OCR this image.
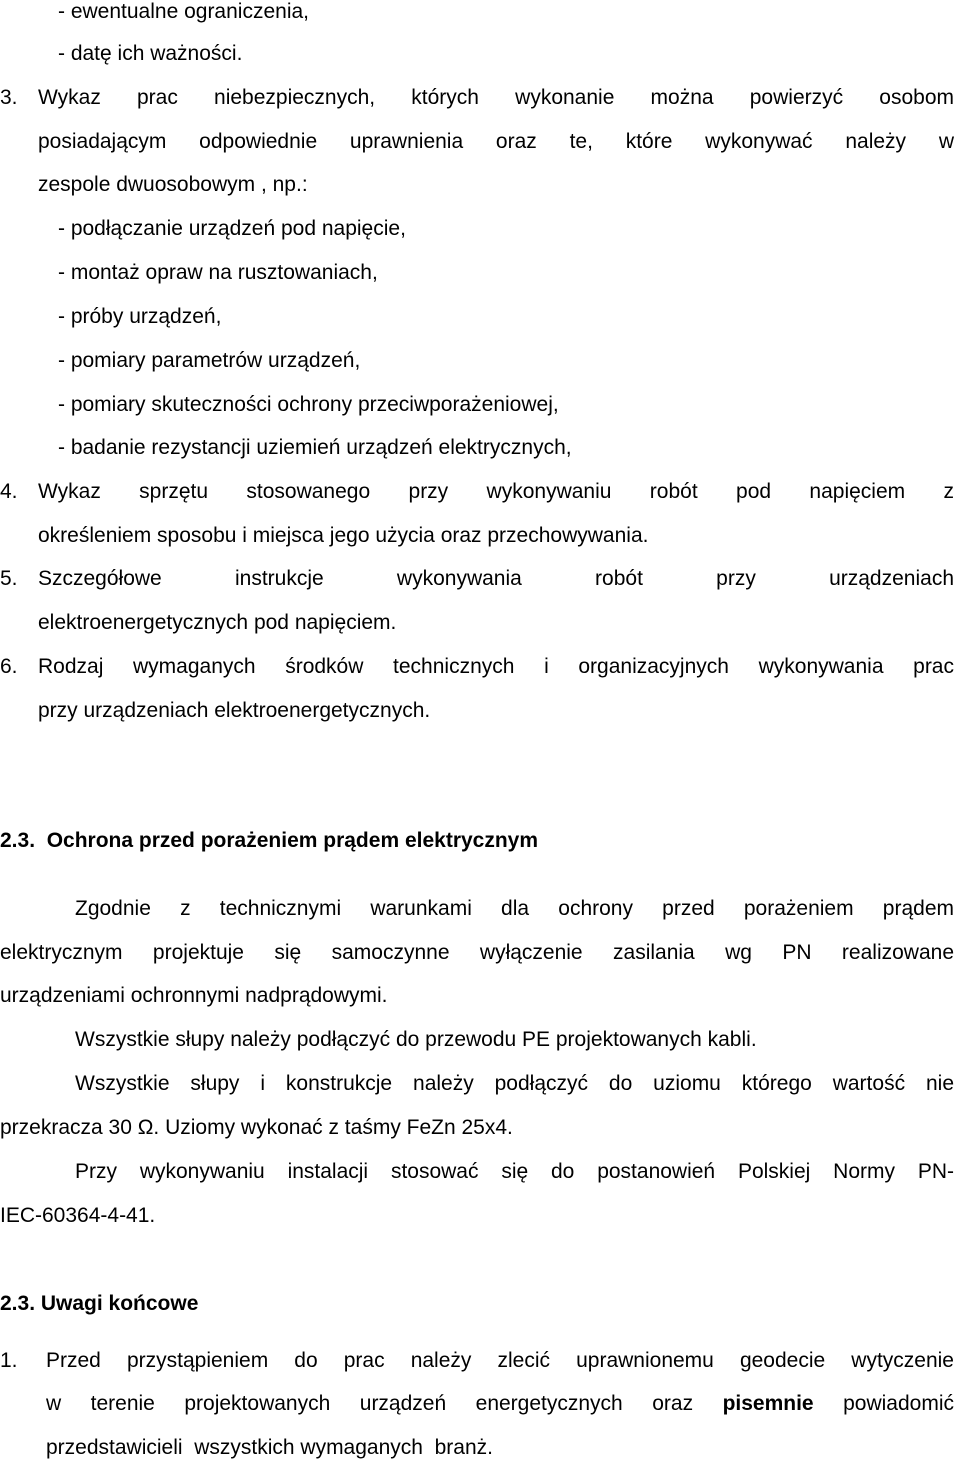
- ewentualne ograniczenia,
- datę ich ważności.
3. Wykaz prac niebezpiecznych, których wykonanie można powierzyć osobom
posiadającym odpowiednie uprawnienia oraz te, które wykonywać należy w
zespole dwuosobowym , np.:
- podłączanie urządzeń pod napięcie,
- montaż opraw na rusztowaniach,
- próby urządzeń,
- pomiary parametrów urządzeń,
- pomiary skuteczności ochrony przeciwporażeniowej,
- badanie rezystancji uziemień urządzeń elektrycznych,
4. Wykaz sprzętu stosowanego przy wykonywaniu robót pod napięciem z
określeniem sposobu i miejsca jego użycia oraz przechowywania.
5. Szczegółowe instrukcje wykonywania robót przy urządzeniach
elektroenergetycznych pod napięciem.
6. Rodzaj wymaganych środków technicznych i organizacyjnych wykonywania prac
przy urządzeniach elektroenergetycznych.
2.3.  Ochrona przed porażeniem prądem elektrycznym
Zgodnie z technicznymi warunkami dla ochrony przed porażeniem prądem
elektrycznym projektuje się samoczynne wyłączenie zasilania wg PN realizowane
urządzeniami ochronnymi nadprądowymi.
Wszystkie słupy należy podłączyć do przewodu PE projektowanych kabli.
Wszystkie słupy i konstrukcje należy podłączyć do uziomu którego wartość nie
przekracza 30 Ω. Uziomy wykonać z taśmy FeZn 25x4.
Przy wykonywaniu instalacji stosować się do postanowień Polskiej Normy PN-
IEC-60364-4-41.
2.3. Uwagi końcowe
1. Przed przystąpieniem do prac należy zlecić uprawnionemu geodecie wytyczenie
w terenie projektowanych urządzeń energetycznych oraz pisemnie powiadomić
przedstawicieli  wszystkich wymaganych  branż.
